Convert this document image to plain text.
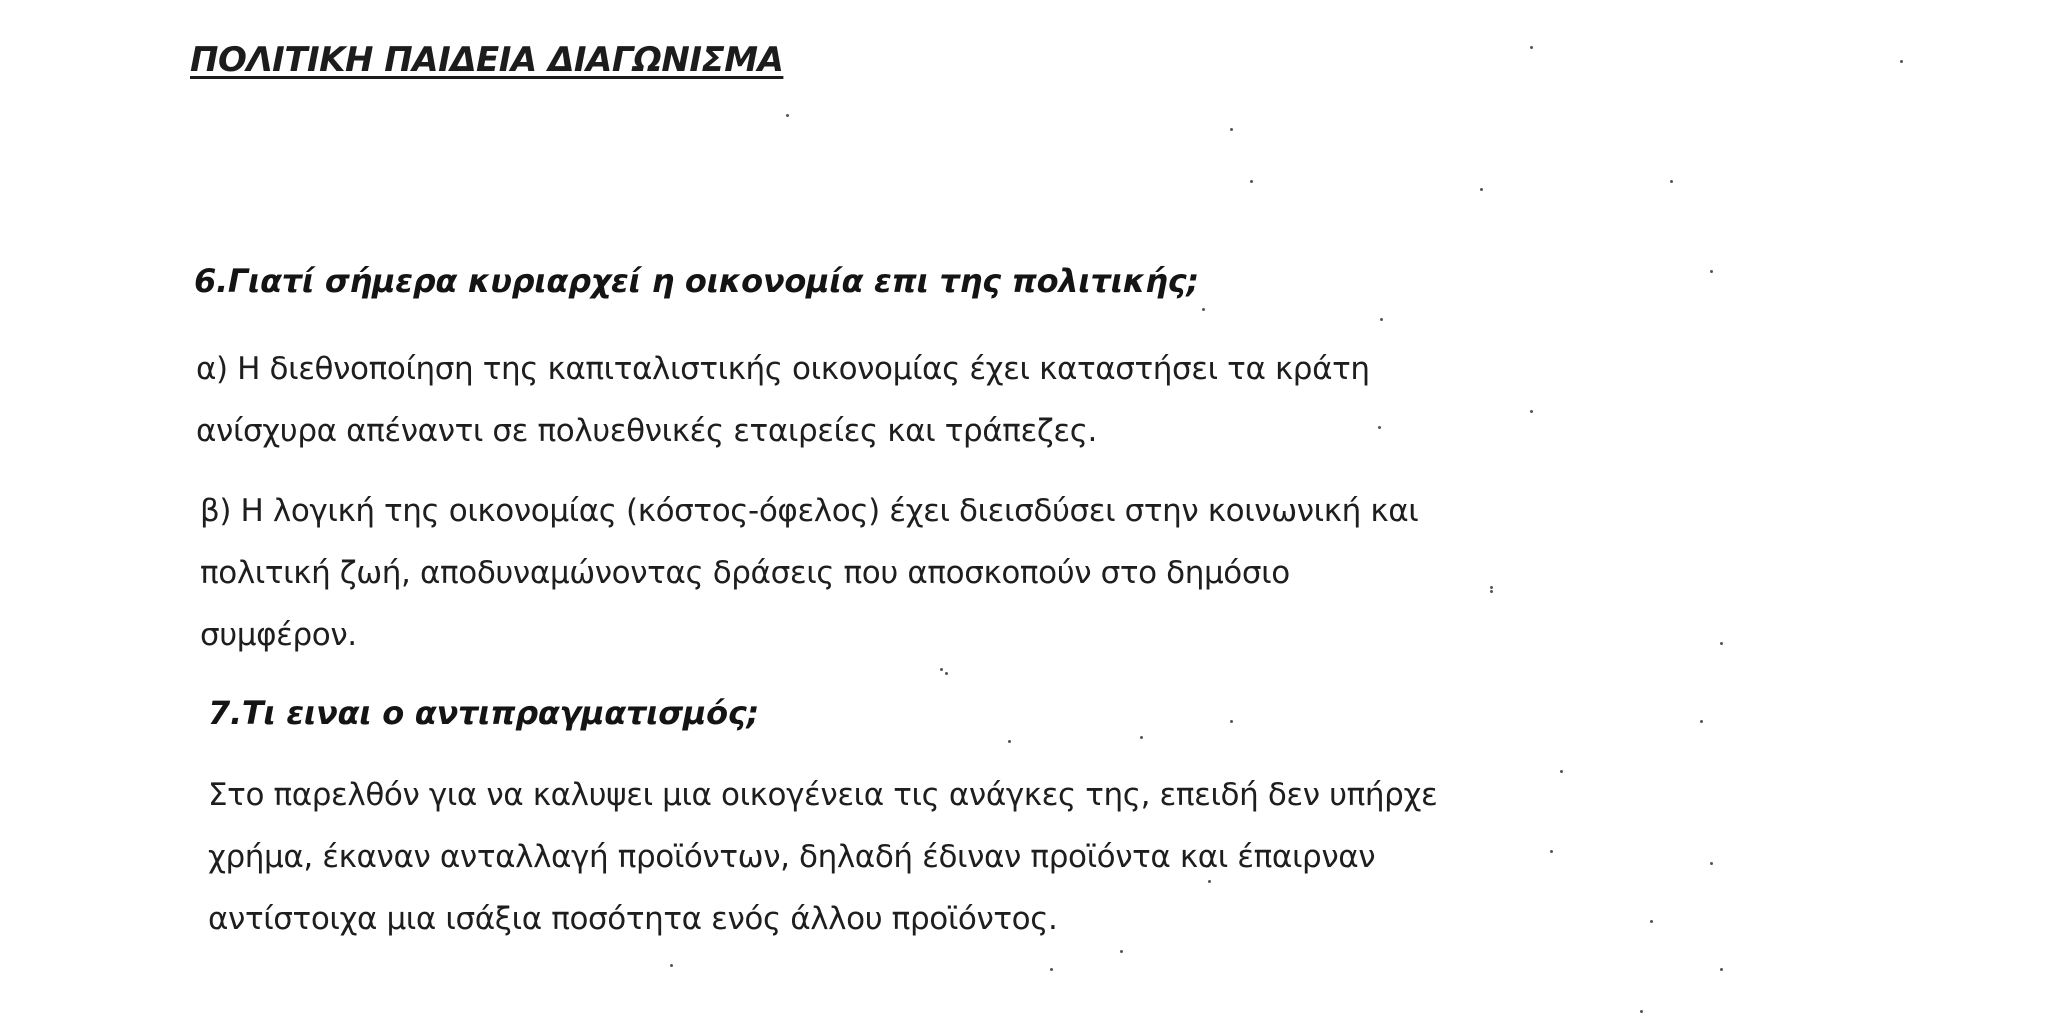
ΠΟΛΙΤΙΚΗ ΠΑΙΔΕΙΑ ΔΙΑΓΩΝΙΣΜΑ
6.Γιατί σήμερα κυριαρχεί η οικονομία επι της πολιτικής;
α) Η διεθνοποίηση της καπιταλιστικής οικονομίας έχει καταστήσει τα κράτη
ανίσχυρα απέναντι σε πολυεθνικές εταιρείες και τράπεζες.
β) Η λογική της οικονομίας (κόστος-όφελος) έχει διεισδύσει στην κοινωνική και
πολιτική ζωή, αποδυναμώνοντας δράσεις που αποσκοπούν στο δημόσιο
συμφέρον.
7.Τι ειναι ο αντιπραγματισμός;
Στο παρελθόν για να καλυψει μια οικογένεια τις ανάγκες της, επειδή δεν υπήρχε
χρήμα, έκαναν ανταλλαγή προϊόντων, δηλαδή έδιναν προϊόντα και έπαιρναν
αντίστοιχα μια ισάξια ποσότητα ενός άλλου προϊόντος.
